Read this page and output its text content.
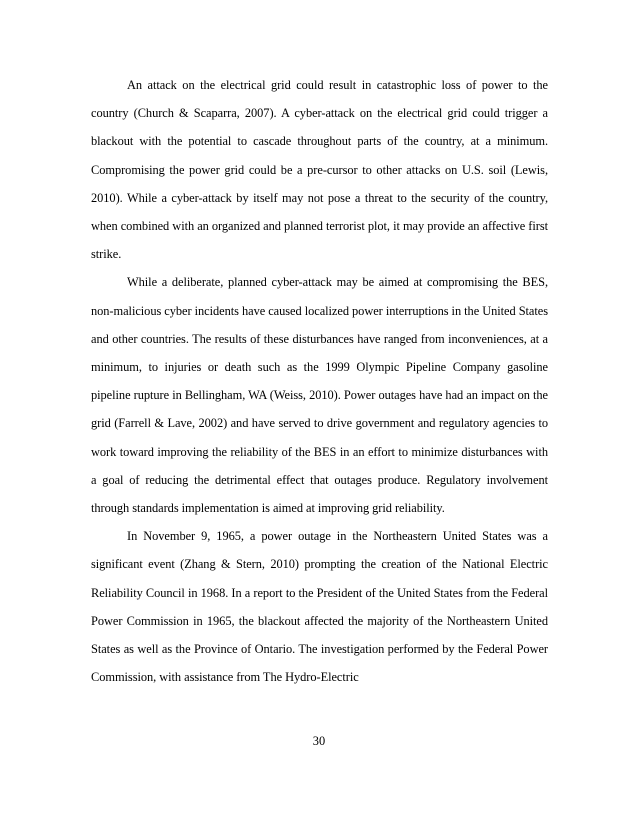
An attack on the electrical grid could result in catastrophic loss of power to the country (Church & Scaparra, 2007). A cyber-attack on the electrical grid could trigger a blackout with the potential to cascade throughout parts of the country, at a minimum. Compromising the power grid could be a pre-cursor to other attacks on U.S. soil (Lewis, 2010). While a cyber-attack by itself may not pose a threat to the security of the country, when combined with an organized and planned terrorist plot, it may provide an affective first strike.

While a deliberate, planned cyber-attack may be aimed at compromising the BES, non-malicious cyber incidents have caused localized power interruptions in the United States and other countries. The results of these disturbances have ranged from inconveniences, at a minimum, to injuries or death such as the 1999 Olympic Pipeline Company gasoline pipeline rupture in Bellingham, WA (Weiss, 2010). Power outages have had an impact on the grid (Farrell & Lave, 2002) and have served to drive government and regulatory agencies to work toward improving the reliability of the BES in an effort to minimize disturbances with a goal of reducing the detrimental effect that outages produce. Regulatory involvement through standards implementation is aimed at improving grid reliability.

In November 9, 1965, a power outage in the Northeastern United States was a significant event (Zhang & Stern, 2010) prompting the creation of the National Electric Reliability Council in 1968. In a report to the President of the United States from the Federal Power Commission in 1965, the blackout affected the majority of the Northeastern United States as well as the Province of Ontario. The investigation performed by the Federal Power Commission, with assistance from The Hydro-Electric

30
